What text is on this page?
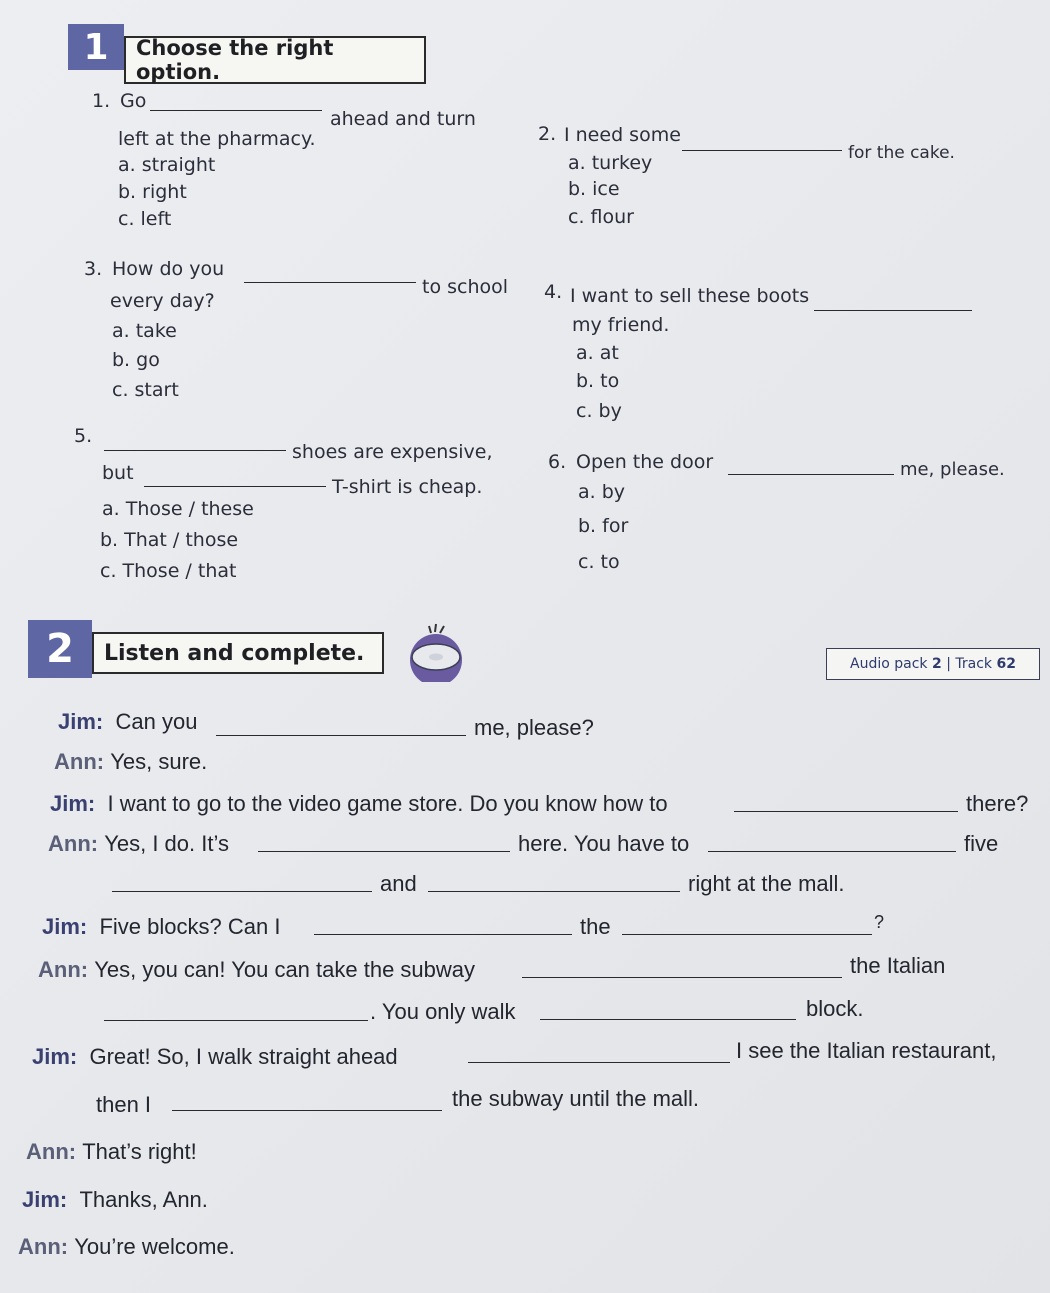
1	Choose the right option.
1. Go
ahead and turn
left at the pharmacy.
a. straight
b. right
c. left
2. I need some
for the cake.
a. turkey
b. ice
c. flour
3. How do you
to school
every day?
a. take
b. go
c. start
4. I want to sell these boots
my friend.
a. at
b. to
c. by
5.
shoes are expensive,
but
T-shirt is cheap.
a. Those / these
b. That / those
c. Those / that
6. Open the door	me, please.
a. by
b. for
c. to
2	Listen and complete.	Audio pack
2
|
Track
62
Jim: Can you	me, please?
Ann: Yes, sure.
Jim: I want to go to the video game store. Do you know how to	there?
Ann: Yes, I do. It’s	here. You have to	five
and	right at the mall.
Jim: Five blocks? Can I	the	?
Ann: Yes, you can! You can take the subway	the Italian
. You only walk	block.
Jim: Great! So, I walk straight ahead	I see the Italian restaurant,
then I	the subway until the mall.
Ann: That’s right!
Jim: Thanks, Ann.
Ann: You’re welcome.
